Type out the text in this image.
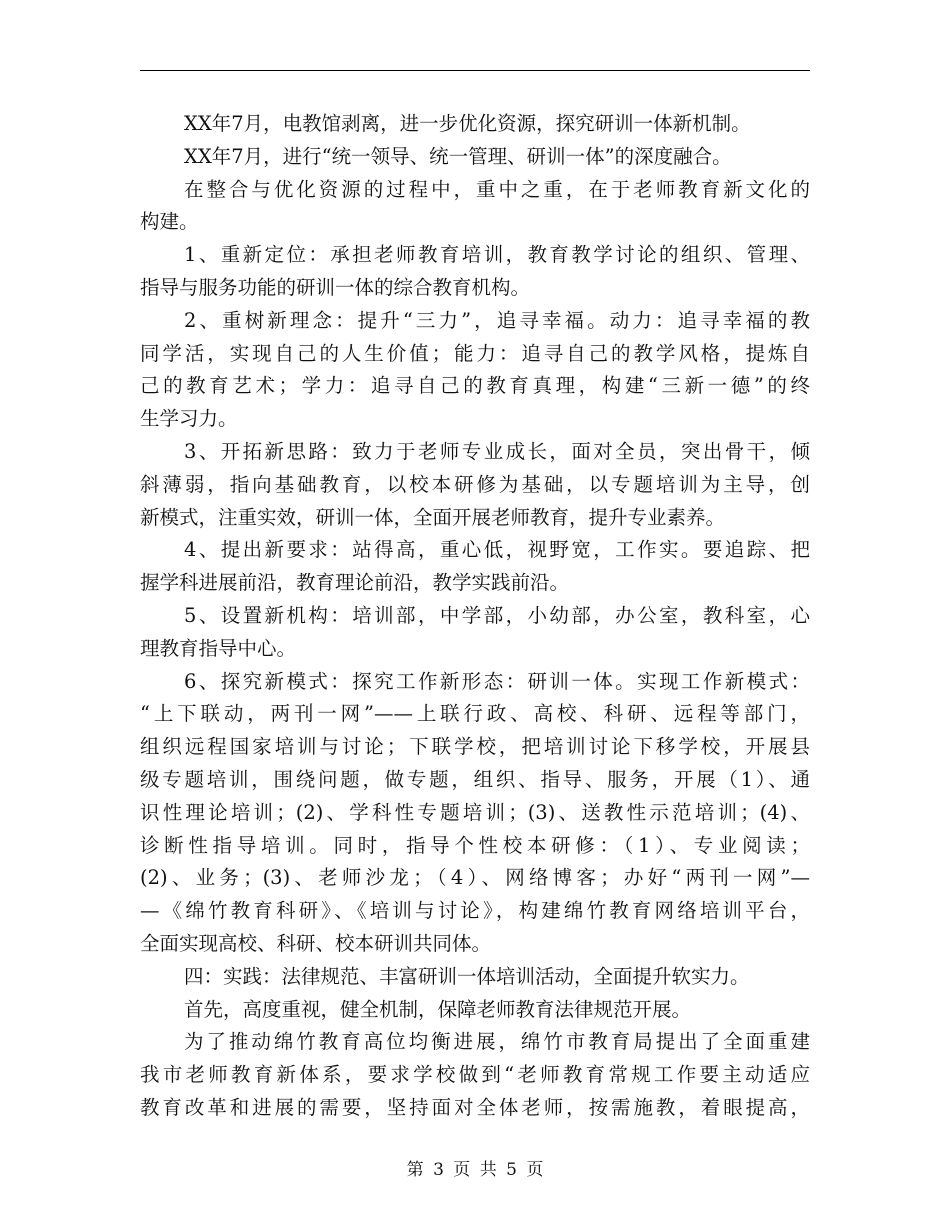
XX年7月，电教馆剥离，进一步优化资源，探究研训一体新机制。
XX年7月，进行“统一领导、统一管理、研训一体”的深度融合。
在整合与优化资源的过程中，重中之重，在于老师教育新文化的
构建。
1、重新定位：承担老师教育培训，教育教学讨论的组织、管理、
指导与服务功能的研训一体的综合教育机构。
2、重树新理念：提升“三力”，追寻幸福。动力：追寻幸福的教
同学活，实现自己的人生价值；能力：追寻自己的教学风格，提炼自
己的教育艺术；学力：追寻自己的教育真理，构建“三新一德”的终
生学习力。
3、开拓新思路：致力于老师专业成长，面对全员，突出骨干，倾
斜薄弱，指向基础教育，以校本研修为基础，以专题培训为主导，创
新模式，注重实效，研训一体，全面开展老师教育，提升专业素养。
4、提出新要求：站得高，重心低，视野宽，工作实。要追踪、把
握学科进展前沿，教育理论前沿，教学实践前沿。
5、设置新机构：培训部，中学部，小幼部，办公室，教科室，心
理教育指导中心。
6、探究新模式：探究工作新形态：研训一体。实现工作新模式：
“上下联动，两刊一网”——上联行政、高校、科研、远程等部门，
组织远程国家培训与讨论；下联学校，把培训讨论下移学校，开展县
级专题培训，围绕问题，做专题，组织、指导、服务，开展（1）、通
识性理论培训；(2)、学科性专题培训；(3)、送教性示范培训；(4)、
诊断性指导培训。同时，指导个性校本研修：（1）、专业阅读；
(2)、业务；(3)、老师沙龙；（4）、网络博客；办好“两刊一网”—
—《绵竹教育科研》、《培训与讨论》，构建绵竹教育网络培训平台，
全面实现高校、科研、校本研训共同体。
四：实践：法律规范、丰富研训一体培训活动，全面提升软实力。
首先，高度重视，健全机制，保障老师教育法律规范开展。
为了推动绵竹教育高位均衡进展，绵竹市教育局提出了全面重建
我市老师教育新体系，要求学校做到“老师教育常规工作要主动适应
教育改革和进展的需要，坚持面对全体老师，按需施教，着眼提高，
第 3 页 共 5 页
